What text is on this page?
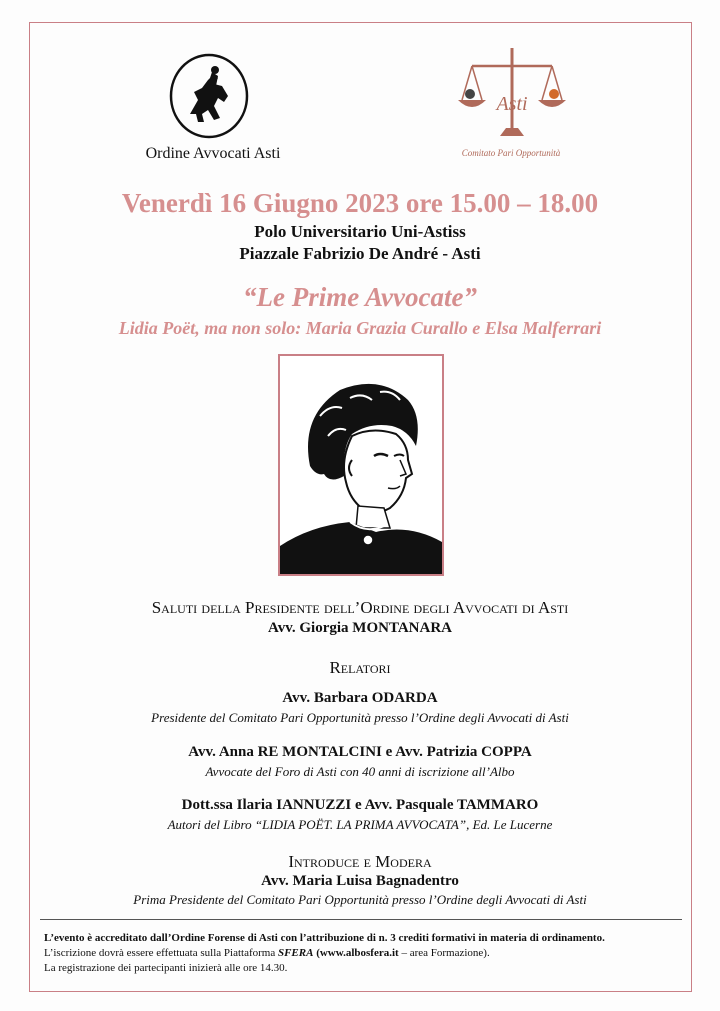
Ordine Avvocati Asti
Asti
Comitato Pari Opportunità
Venerdì 16 Giugno 2023 ore 15.00 – 18.00
Polo Universitario Uni-Astiss
Piazzale Fabrizio De André - Asti
“Le Prime Avvocate”
Lidia Poët, ma non solo: Maria Grazia Curallo e Elsa Malferrari
Saluti della Presidente dell’Ordine degli Avvocati di Asti
Avv. Giorgia MONTANARA
Relatori
Avv. Barbara ODARDA
Presidente del Comitato Pari Opportunità presso l’Ordine degli Avvocati di Asti
Avv. Anna RE MONTALCINI e Avv. Patrizia COPPA
Avvocate del Foro di Asti con 40 anni di iscrizione all’Albo
Dott.ssa Ilaria IANNUZZI e Avv. Pasquale TAMMARO
Autori del Libro “LIDIA POËT. LA PRIMA AVVOCATA”, Ed. Le Lucerne
Introduce e Modera
Avv. Maria Luisa Bagnadentro
Prima Presidente del Comitato Pari Opportunità presso l’Ordine degli Avvocati di Asti
L’evento è accreditato dall’Ordine Forense di Asti con l’attribuzione di n. 3 crediti formativi in materia di ordinamento.
L’iscrizione dovrà essere effettuata sulla Piattaforma SFERA (www.albosfera.it – area Formazione).
La registrazione dei partecipanti inizierà alle ore 14.30.
